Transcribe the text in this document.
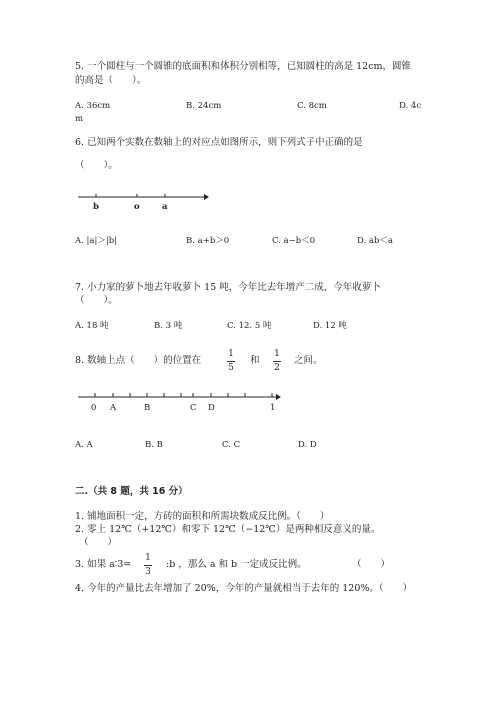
5. 一个圆柱与一个圆锥的底面积和体积分别相等，已知圆柱的高是 12cm，圆锥
的高是（　　）。
A. 36cm	B. 24cm	C. 8cm	D. 4c
m
6. 已知两个实数在数轴上的对应点如图所示，则下列式子中正确的是
（　　）。
b	o	a
A. |a|＞|b|	B. a+b＞0	C. a−b＜0	D. ab＜a
7. 小力家的萝卜地去年收萝卜 15 吨，今年比去年增产二成，今年收萝卜
（　　）。
A. 18 吨	B. 3 吨	C. 12. 5 吨	D. 12 吨
8. 数轴上点（　　）的位置在
1
5
和
1
2
之间。
0 A	B	C D	1
A. A	B. B	C. C	D. D
二.（共 8 题，共 16 分）
1. 铺地面积一定，方砖的面积和所需块数成反比例。（　　）
2. 零上 12℃（+12℃）和零下 12℃（−12℃）是两种相反意义的量。
（　　）
3. 如果 a∶3=
1
3
:b ，那么 a 和 b 一定成反比例。	（　　）
4. 今年的产量比去年增加了 20%，今年的产量就相当于去年的 120%。（　　）
